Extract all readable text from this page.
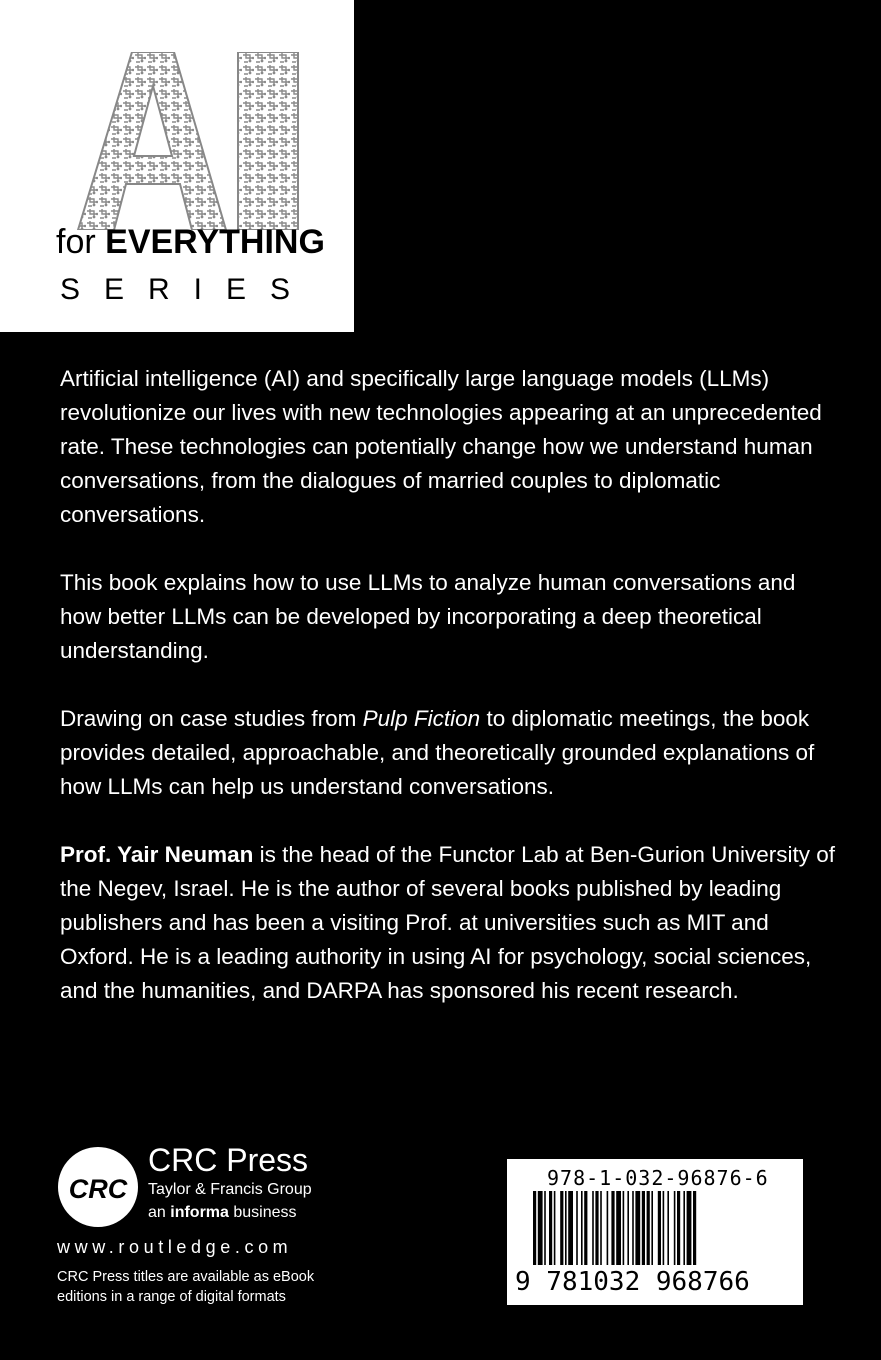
for EVERYTHING
SERIES

Artificial intelligence (AI) and specifically large language models (LLMs) revolutionize our lives with new technologies appearing at an unprecedented rate. These technologies can potentially change how we understand human conversations, from the dialogues of married couples to diplomatic conversations.

This book explains how to use LLMs to analyze human conversations and how better LLMs can be developed by incorporating a deep theoretical understanding.

Drawing on case studies from Pulp Fiction to diplomatic meetings, the book provides detailed, approachable, and theoretically grounded explanations of how LLMs can help us understand conversations.

Prof. Yair Neuman is the head of the Functor Lab at Ben-Gurion University of the Negev, Israel. He is the author of several books published by leading publishers and has been a visiting Prof. at universities such as MIT and Oxford. He is a leading authority in using AI for psychology, social sciences, and the humanities, and DARPA has sponsored his recent research.

CRC
CRC Press
Taylor & Francis Group
an informa business
www.routledge.com
CRC Press titles are available as eBook editions in a range of digital formats
978-1-032-96876-6
9 781032 968766
